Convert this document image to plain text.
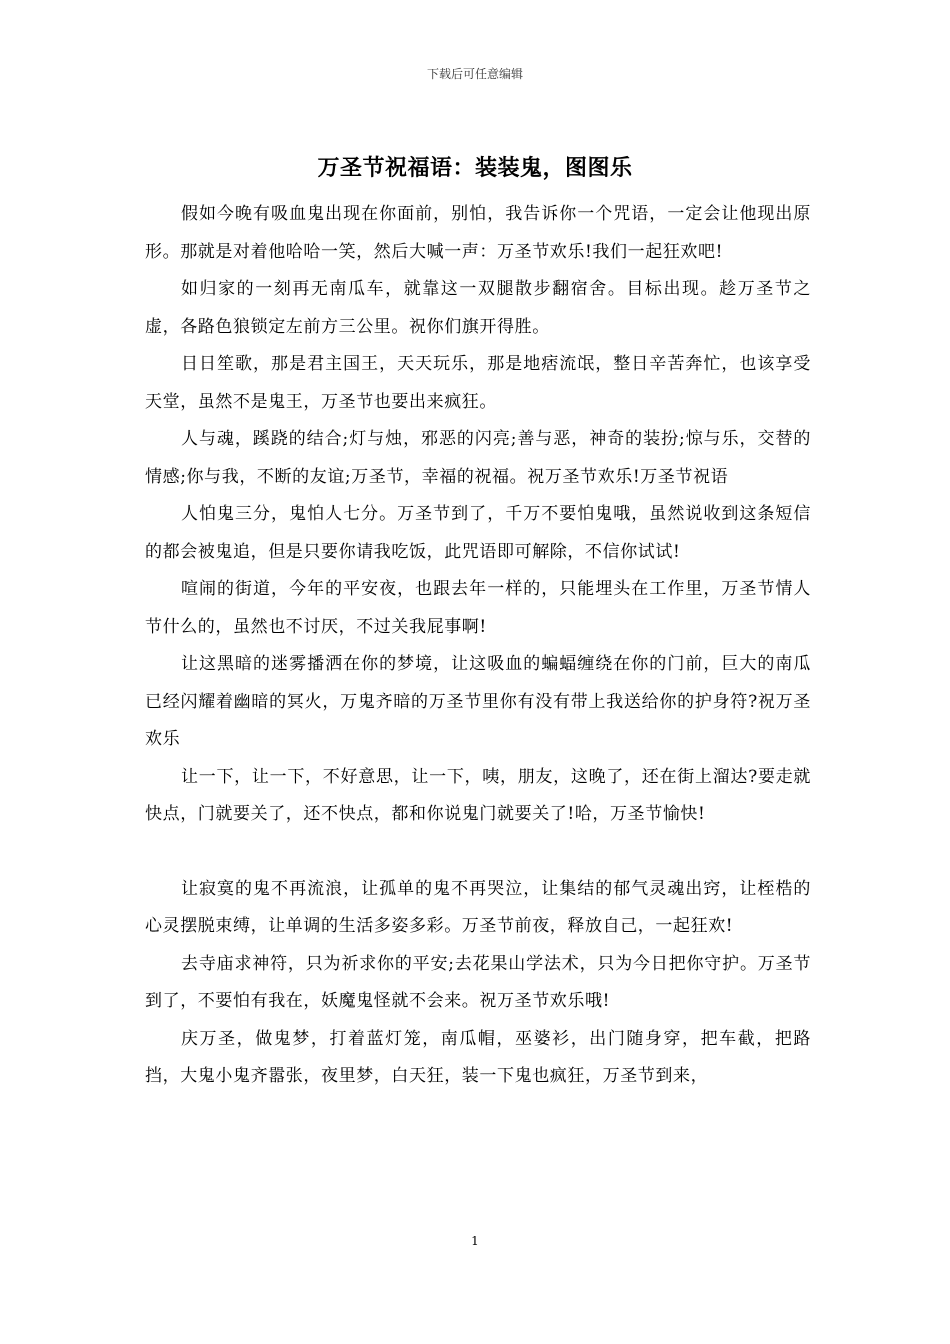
下载后可任意编辑
万圣节祝福语：装装鬼，图图乐

假如今晚有吸血鬼出现在你面前，别怕，我告诉你一个咒语，一定会让他现出原形。那就是对着他哈哈一笑，然后大喊一声：万圣节欢乐!我们一起狂欢吧!

如归家的一刻再无南瓜车，就靠这一双腿散步翻宿舍。目标出现。趁万圣节之虚，各路色狼锁定左前方三公里。祝你们旗开得胜。

日日笙歌，那是君主国王，天天玩乐，那是地痞流氓，整日辛苦奔忙，也该享受天堂，虽然不是鬼王，万圣节也要出来疯狂。

人与魂，蹊跷的结合;灯与烛，邪恶的闪亮;善与恶，神奇的装扮;惊与乐，交替的情感;你与我，不断的友谊;万圣节，幸福的祝福。祝万圣节欢乐!万圣节祝语

人怕鬼三分，鬼怕人七分。万圣节到了，千万不要怕鬼哦，虽然说收到这条短信的都会被鬼追，但是只要你请我吃饭，此咒语即可解除，不信你试试!

喧闹的街道，今年的平安夜，也跟去年一样的，只能埋头在工作里，万圣节情人节什么的，虽然也不讨厌，不过关我屁事啊!

让这黑暗的迷雾播洒在你的梦境，让这吸血的蝙蝠缠绕在你的门前，巨大的南瓜已经闪耀着幽暗的冥火，万鬼齐暗的万圣节里你有没有带上我送给你的护身符?祝万圣欢乐

让一下，让一下，不好意思，让一下，咦，朋友，这晚了，还在街上溜达?要走就快点，门就要关了，还不快点，都和你说鬼门就要关了!哈，万圣节愉快!

让寂寞的鬼不再流浪，让孤单的鬼不再哭泣，让集结的郁气灵魂出窍，让桎梏的心灵摆脱束缚，让单调的生活多姿多彩。万圣节前夜，释放自己，一起狂欢!

去寺庙求神符，只为祈求你的平安;去花果山学法术，只为今日把你守护。万圣节到了，不要怕有我在，妖魔鬼怪就不会来。祝万圣节欢乐哦!

庆万圣，做鬼梦，打着蓝灯笼，南瓜帽，巫婆衫，出门随身穿，把车截，把路挡，大鬼小鬼齐嚣张，夜里梦，白天狂，装一下鬼也疯狂，万圣节到来，

1
